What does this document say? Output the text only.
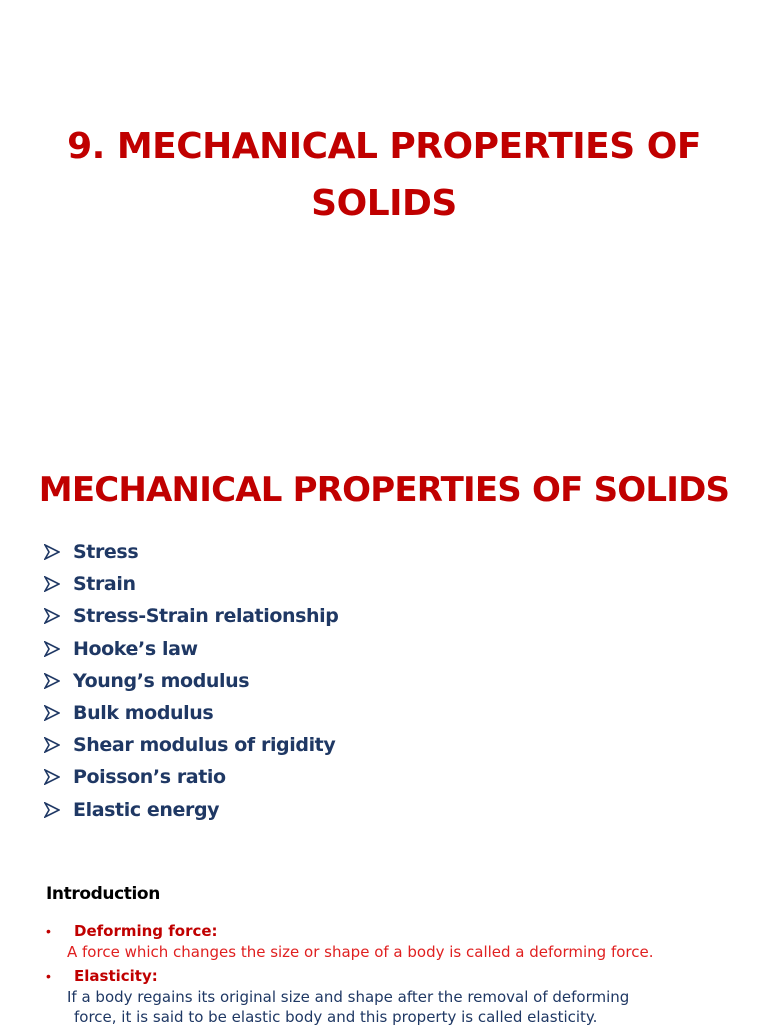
9. MECHANICAL PROPERTIES OF
SOLIDS
MECHANICAL PROPERTIES OF SOLIDS
Stress
Strain
Stress-Strain relationship
Hooke’s law
Young’s modulus
Bulk modulus
Shear modulus of rigidity
Poisson’s ratio
Elastic energy
Introduction
•	Deforming force:

A force which changes the size or shape of a body is called a deforming force.

•	Elasticity:

If a body regains its original size and shape after the removal of deforming
force, it is said to be elastic body and this property is called elasticity.
